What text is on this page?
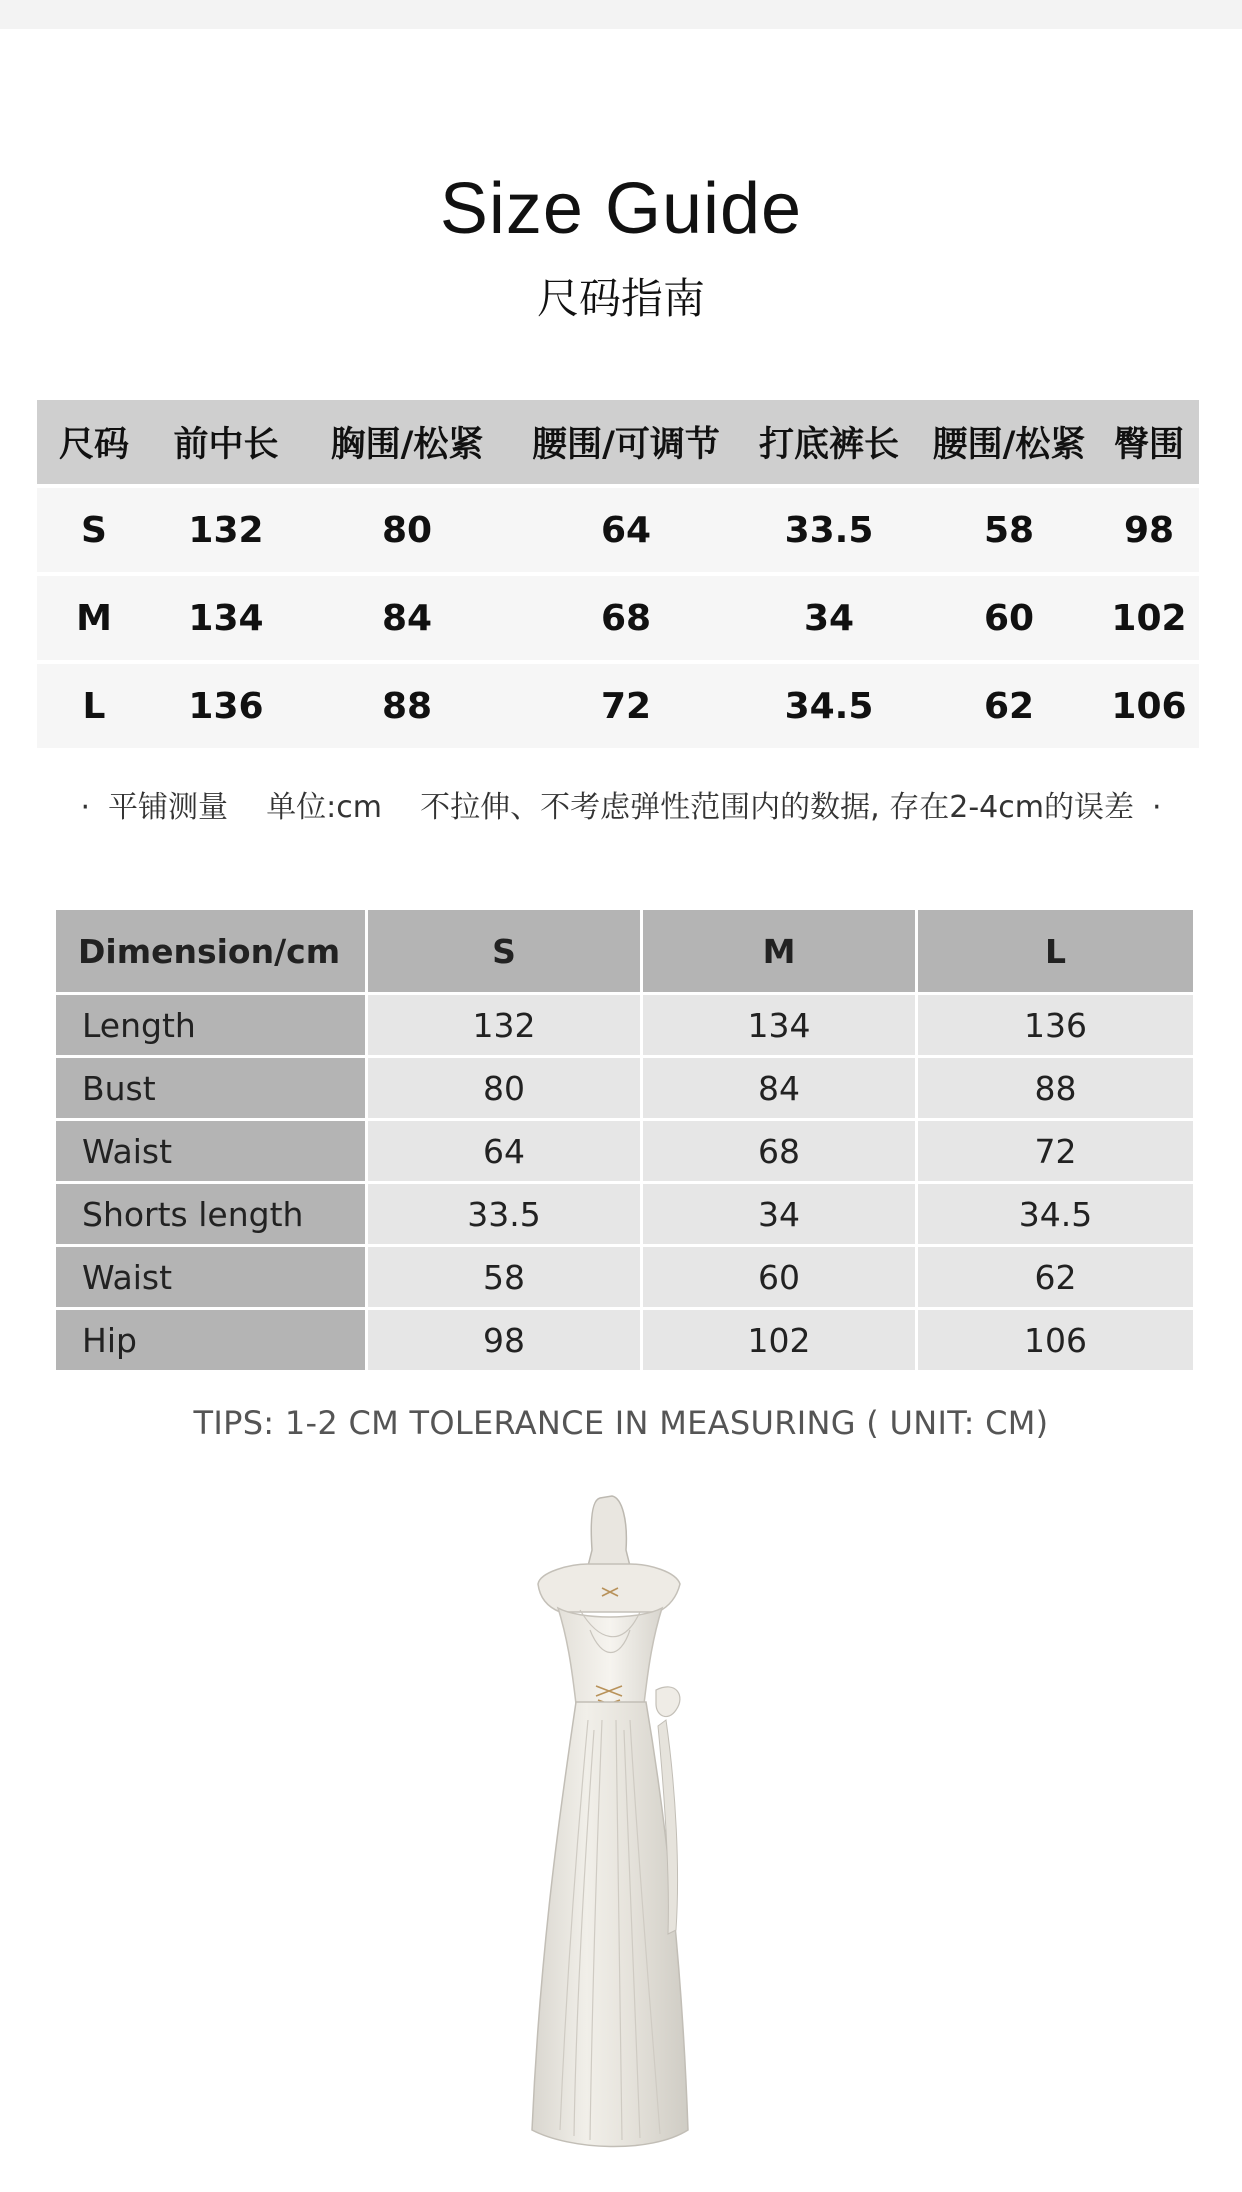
Size Guide
尺码指南
尺码	前中长	胸围/松紧	腰围/可调节	打底裤长	腰围/松紧	臀围
S	132	80	64	33.5	58	98
M	134	84	68	34	60	102
L	136	88	72	34.5	62	106
· 平铺测量 单位:cm 不拉伸、不考虑弹性范围内的数据, 存在2-4cm的误差 ·
Dimension/cm	S	M	L
Length	132	134	136
Bust	80	84	88
Waist	64	68	72
Shorts length	33.5	34	34.5
Waist	58	60	62
Hip	98	102	106
TIPS: 1-2 CM TOLERANCE IN MEASURING ( UNIT: CM)
